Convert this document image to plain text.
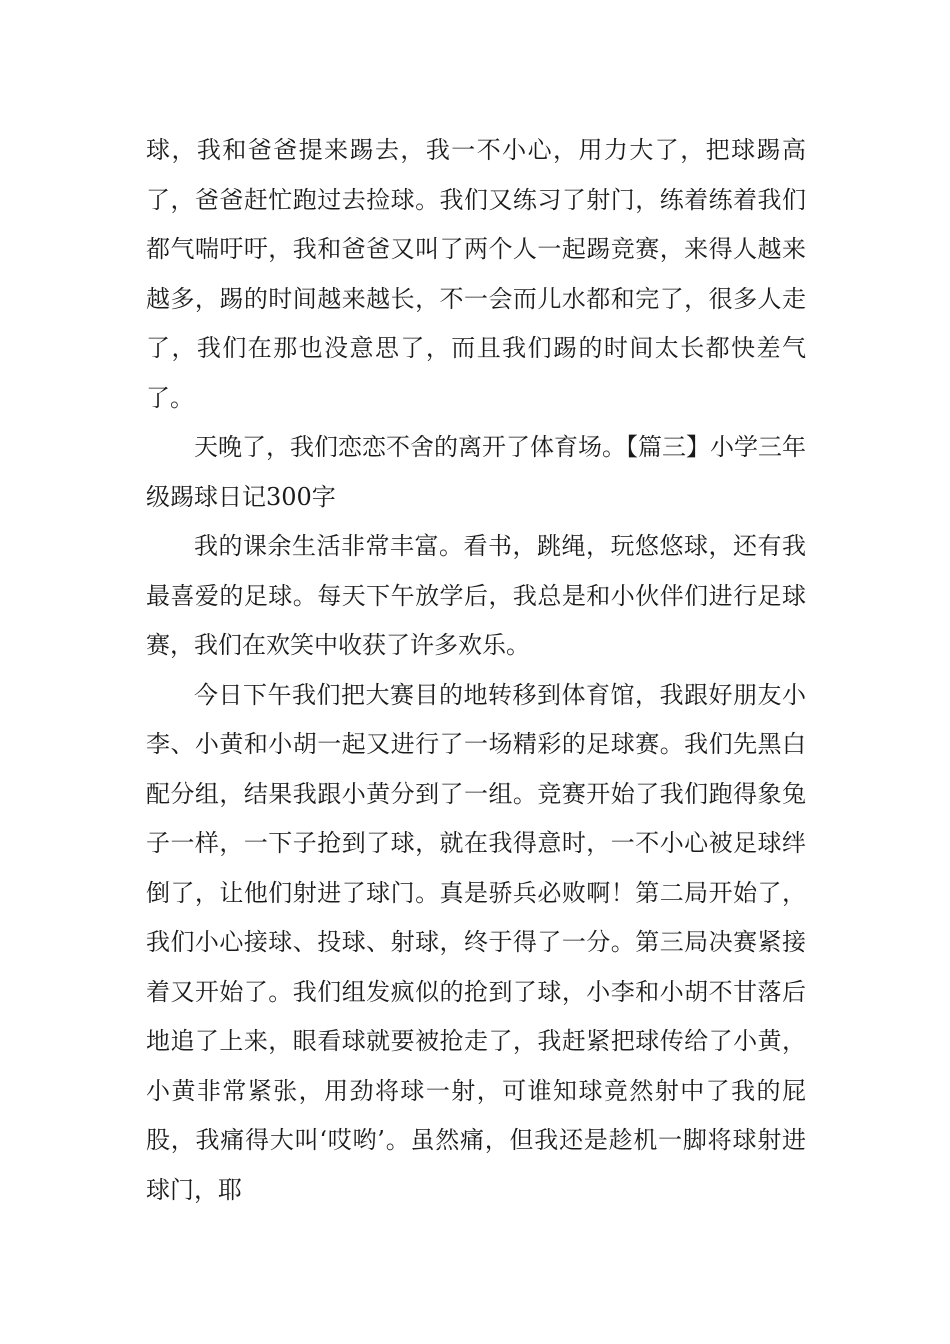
球，我和爸爸提来踢去，我一不小心，用力大了，把球踢高了，爸爸赶忙跑过去捡球。我们又练习了射门，练着练着我们都气喘吁吁，我和爸爸又叫了两个人一起踢竞赛，来得人越来越多，踢的时间越来越长，不一会而儿水都和完了，很多人走了，我们在那也没意思了，而且我们踢的时间太长都快差气了。

天晚了，我们恋恋不舍的离开了体育场。【篇三】小学三年级踢球日记300字

我的课余生活非常丰富。看书，跳绳，玩悠悠球，还有我最喜爱的足球。每天下午放学后，我总是和小伙伴们进行足球赛，我们在欢笑中收获了许多欢乐。

今日下午我们把大赛目的地转移到体育馆，我跟好朋友小李、小黄和小胡一起又进行了一场精彩的足球赛。我们先黑白配分组，结果我跟小黄分到了一组。竞赛开始了我们跑得象兔子一样，一下子抢到了球，就在我得意时，一不小心被足球绊倒了，让他们射进了球门。真是骄兵必败啊！第二局开始了，我们小心接球、投球、射球，终于得了一分。第三局决赛紧接着又开始了。我们组发疯似的抢到了球，小李和小胡不甘落后地追了上来，眼看球就要被抢走了，我赶紧把球传给了小黄，小黄非常紧张，用劲将球一射，可谁知球竟然射中了我的屁股，我痛得大叫‘哎哟’。虽然痛，但我还是趁机一脚将球射进球门，耶
